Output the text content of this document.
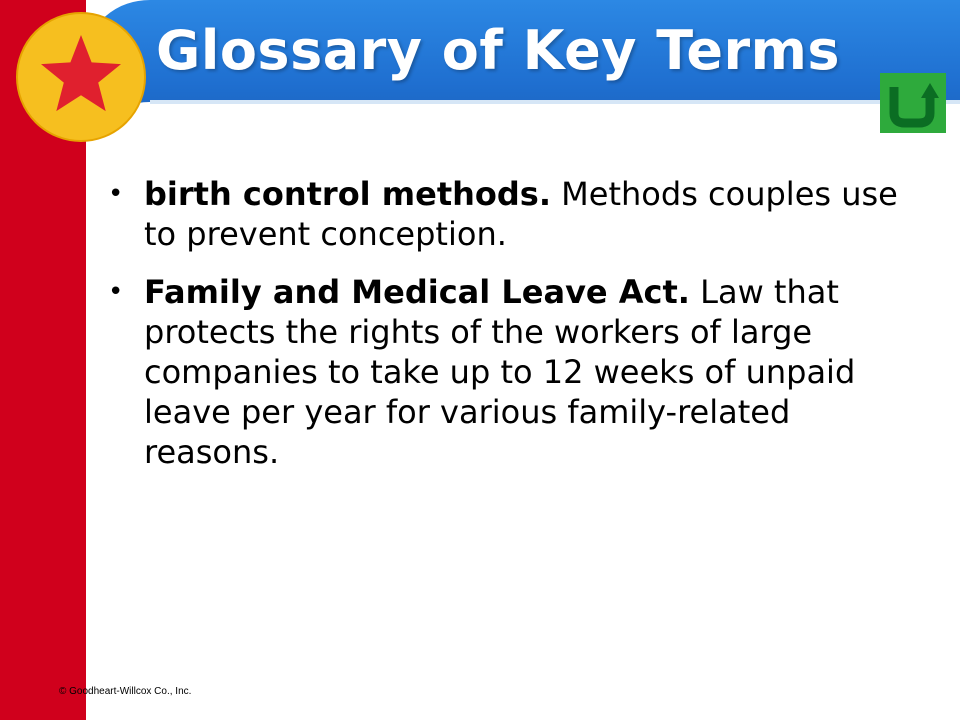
Glossary of Key Terms

• birth control methods. Methods couples use to prevent conception.

• Family and Medical Leave Act. Law that protects the rights of the workers of large companies to take up to 12 weeks of unpaid leave per year for various family-related reasons.

© Goodheart-Willcox Co., Inc.
